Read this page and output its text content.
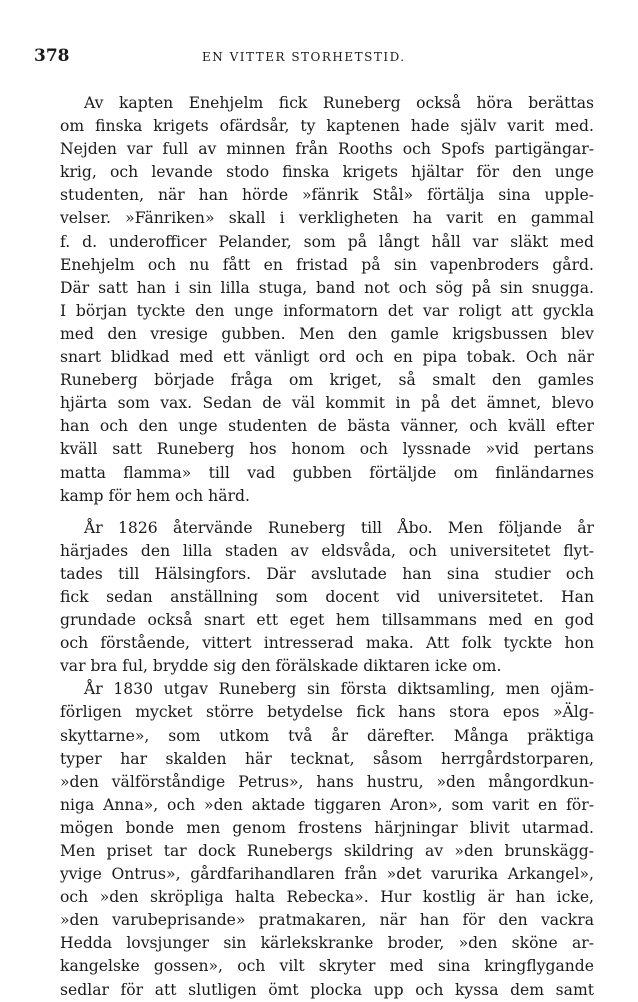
378	EN VITTER STORHETSTID.
Av kapten Enehjelm fick Runeberg också höra berättas
om finska krigets ofärdsår, ty kaptenen hade själv varit med.
Nejden var full av minnen från Rooths och Spofs partigängar-
krig, och levande stodo finska krigets hjältar för den unge
studenten, när han hörde »fänrik Stål» förtälja sina upple-
velser. »Fänriken» skall i verkligheten ha varit en gammal
f. d. underofficer Pelander, som på långt håll var släkt med
Enehjelm och nu fått en fristad på sin vapenbroders gård.
Där satt han i sin lilla stuga, band not och sög på sin snugga.
I början tyckte den unge informatorn det var roligt att gyckla
med den vresige gubben. Men den gamle krigsbussen blev
snart blidkad med ett vänligt ord och en pipa tobak. Och när
Runeberg började fråga om kriget, så smalt den gamles
hjärta som vax. Sedan de väl kommit in på det ämnet, blevo
han och den unge studenten de bästa vänner, och kväll efter
kväll satt Runeberg hos honom och lyssnade »vid pertans
matta flamma» till vad gubben förtäljde om finländarnes
kamp för hem och härd.
År 1826 återvände Runeberg till Åbo. Men följande år
härjades den lilla staden av eldsvåda, och universitetet flyt-
tades till Hälsingfors. Där avslutade han sina studier och
fick sedan anställning som docent vid universitetet. Han
grundade också snart ett eget hem tillsammans med en god
och förstående, vittert intresserad maka. Att folk tyckte hon
var bra ful, brydde sig den förälskade diktaren icke om.
År 1830 utgav Runeberg sin första diktsamling, men ojäm-
förligen mycket större betydelse fick hans stora epos »Älg-
skyttarne», som utkom två år därefter. Många präktiga
typer har skalden här tecknat, såsom herrgårdstorparen,
»den välförståndige Petrus», hans hustru, »den mångordkun-
niga Anna», och »den aktade tiggaren Aron», som varit en för-
mögen bonde men genom frostens härjningar blivit utarmad.
Men priset tar dock Runebergs skildring av »den brunskägg-
yvige Ontrus», gårdfarihandlaren från »det varurika Arkangel»,
och »den skröpliga halta Rebecka». Hur kostlig är han icke,
»den varubeprisande» pratmakaren, när han för den vackra
Hedda lovsjunger sin kärlekskranke broder, »den sköne ar-
kangelske gossen», och vilt skryter med sina kringflygande
sedlar för att slutligen ömt plocka upp och kyssa dem samt
